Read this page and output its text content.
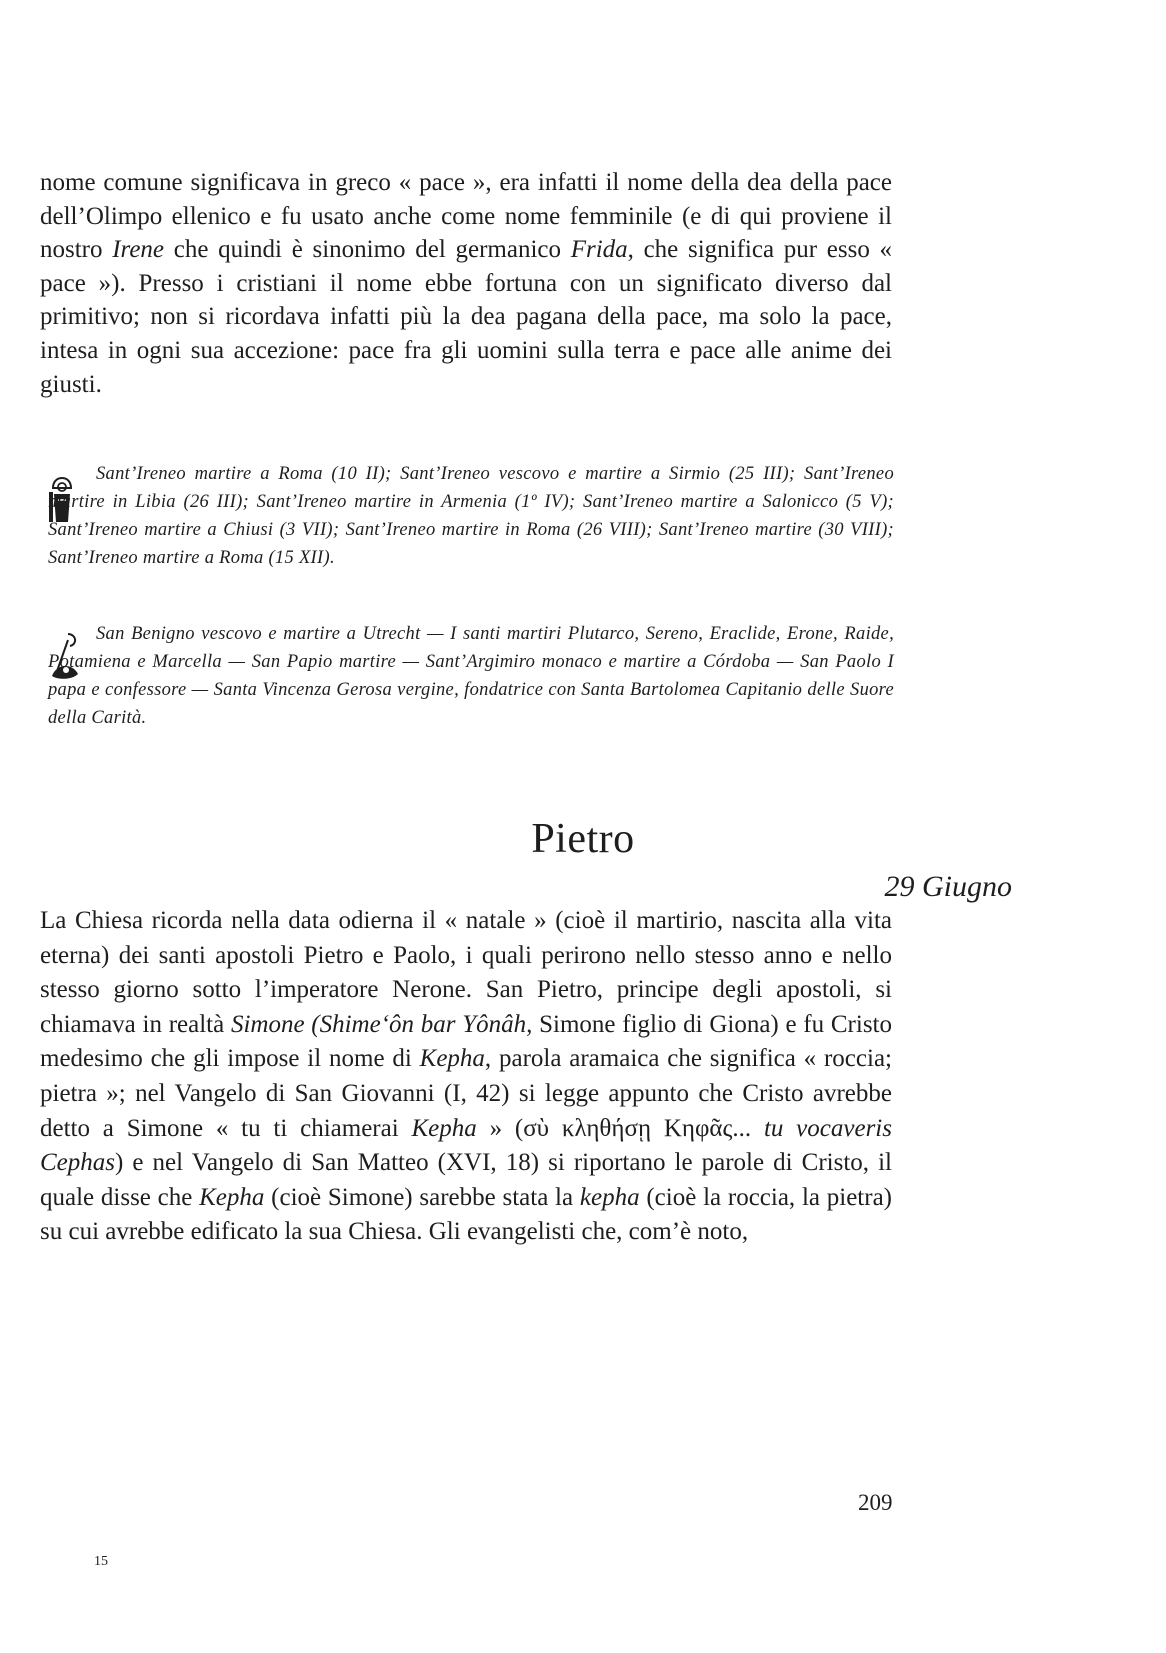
nome comune significava in greco « pace », era infatti il nome della dea della pace dell’Olimpo ellenico e fu usato anche come nome femminile (e di qui proviene il nostro Irene che quindi è sinonimo del germanico Frida, che significa pur esso « pace »). Presso i cristiani il nome ebbe fortuna con un significato diverso dal primitivo; non si ricordava infatti più la dea pagana della pace, ma solo la pace, intesa in ogni sua accezione: pace fra gli uomini sulla terra e pace alle anime dei giusti.

Sant’Ireneo martire a Roma (10 II); Sant’Ireneo vescovo e martire a Sirmio (25 III); Sant’Ireneo martire in Libia (26 III); Sant’Ireneo martire in Armenia (1º IV); Sant’Ireneo martire a Salonicco (5 V); Sant’Ireneo martire a Chiusi (3 VII); Sant’Ireneo martire in Roma (26 VIII); Sant’Ireneo martire (30 VIII); Sant’Ireneo martire a Roma (15 XII).

San Benigno vescovo e martire a Utrecht — I santi martiri Plutarco, Sereno, Eraclide, Erone, Raide, Potamiena e Marcella — San Papio martire — Sant’Argimiro monaco e martire a Córdoba — San Paolo I papa e confessore — Santa Vincenza Gerosa vergine, fondatrice con Santa Bartolomea Capitanio delle Suore della Carità.

Pietro

29 Giugno

La Chiesa ricorda nella data odierna il « natale » (cioè il martirio, nascita alla vita eterna) dei santi apostoli Pietro e Paolo, i quali perirono nello stesso anno e nello stesso giorno sotto l’imperatore Nerone. San Pietro, principe degli apostoli, si chiamava in realtà Simone (Shime‘ôn bar Yônâh, Simone figlio di Giona) e fu Cristo medesimo che gli impose il nome di Kepha, parola aramaica che significa « roccia; pietra »; nel Vangelo di San Giovanni (I, 42) si legge appunto che Cristo avrebbe detto a Simone « tu ti chiamerai Kepha » (σὺ κληθήσῃ Κηφᾶς... tu vocaveris Cephas) e nel Vangelo di San Matteo (XVI, 18) si riportano le parole di Cristo, il quale disse che Kepha (cioè Simone) sarebbe stata la kepha (cioè la roccia, la pietra) su cui avrebbe edificato la sua Chiesa. Gli evangelisti che, com’è noto,

209
15
